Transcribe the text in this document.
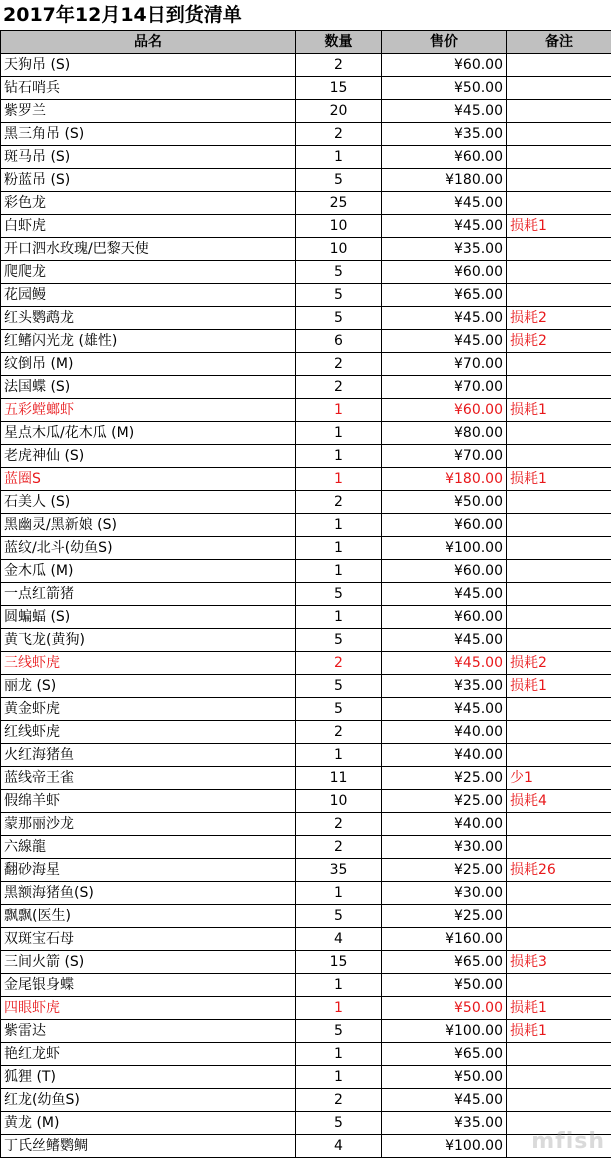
2017年12月14日到货清单
品名	数量	售价	备注
天狗吊 (S)	2	¥60.00	
钻石哨兵	15	¥50.00	
紫罗兰	20	¥45.00	
黑三角吊 (S)	2	¥35.00	
斑马吊 (S)	1	¥60.00	
粉蓝吊 (S)	5	¥180.00	
彩色龙	25	¥45.00	
白虾虎	10	¥45.00	损耗1
开口泗水玫瑰/巴黎天使	10	¥35.00	
爬爬龙	5	¥60.00	
花园鳗	5	¥65.00	
红头鹦鹉龙	5	¥45.00	损耗2
红鳍闪光龙 (雄性)	6	¥45.00	损耗2
纹倒吊 (M)	2	¥70.00	
法国蝶 (S)	2	¥70.00	
五彩螳螂虾	1	¥60.00	损耗1
星点木瓜/花木瓜 (M)	1	¥80.00	
老虎神仙 (S)	1	¥70.00	
蓝圈S	1	¥180.00	损耗1
石美人 (S)	2	¥50.00	
黑幽灵/黑新娘 (S)	1	¥60.00	
蓝纹/北斗(幼鱼S)	1	¥100.00	
金木瓜 (M)	1	¥60.00	
一点红箭猪	5	¥45.00	
圆蝙蝠 (S)	1	¥60.00	
黄飞龙(黄狗)	5	¥45.00	
三线虾虎	2	¥45.00	损耗2
丽龙 (S)	5	¥35.00	损耗1
黄金虾虎	5	¥45.00	
红线虾虎	2	¥40.00	
火红海猪鱼	1	¥40.00	
蓝线帝王雀	11	¥25.00	少1
假绵羊虾	10	¥25.00	损耗4
蒙那丽沙龙	2	¥40.00	
六線龍	2	¥30.00	
翻砂海星	35	¥25.00	损耗26
黑额海猪鱼(S)	1	¥30.00	
飘飘(医生)	5	¥25.00	
双斑宝石母	4	¥160.00	
三间火箭 (S)	15	¥65.00	损耗3
金尾银身蝶	1	¥50.00	
四眼虾虎	1	¥50.00	损耗1
紫雷达	5	¥100.00	损耗1
艳红龙虾	1	¥65.00	
狐狸 (T)	1	¥50.00	
红龙(幼鱼S)	2	¥45.00	
黄龙 (M)	5	¥35.00	
丁氏丝鳍鹦鲷	4	¥100.00	mfish
